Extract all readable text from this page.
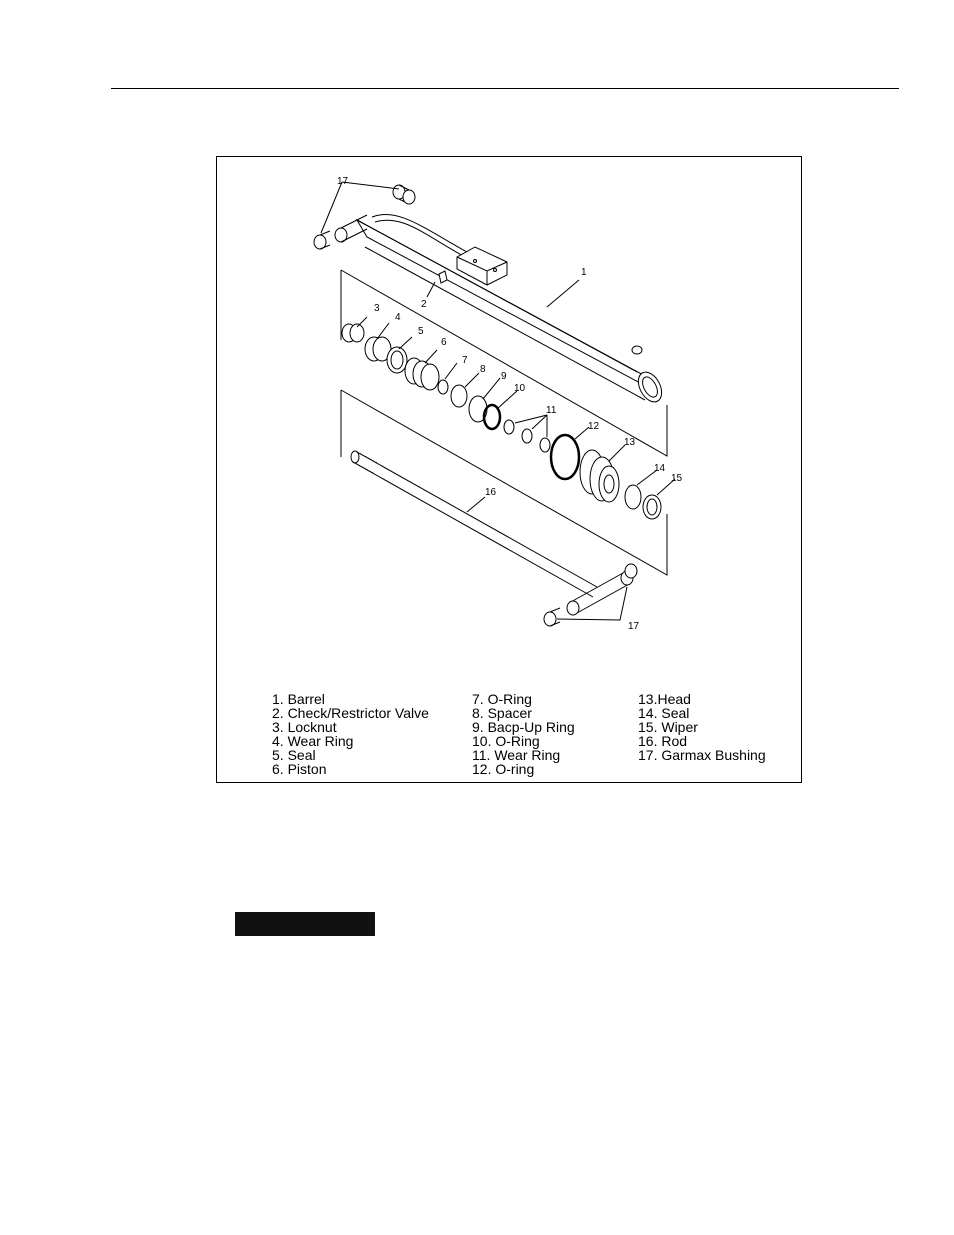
1
2
3
4
5
6
7
8
9
10
11
12
13
14
15
16
17
17
1. Barrel
2. Check/Restrictor Valve
3. Locknut
4. Wear Ring
5. Seal
6. Piston
7. O-Ring
8. Spacer
9. Bacp-Up Ring
10. O-Ring
11. Wear Ring
12. O-ring
13.Head
14. Seal
15. Wiper
16. Rod
17. Garmax Bushing
